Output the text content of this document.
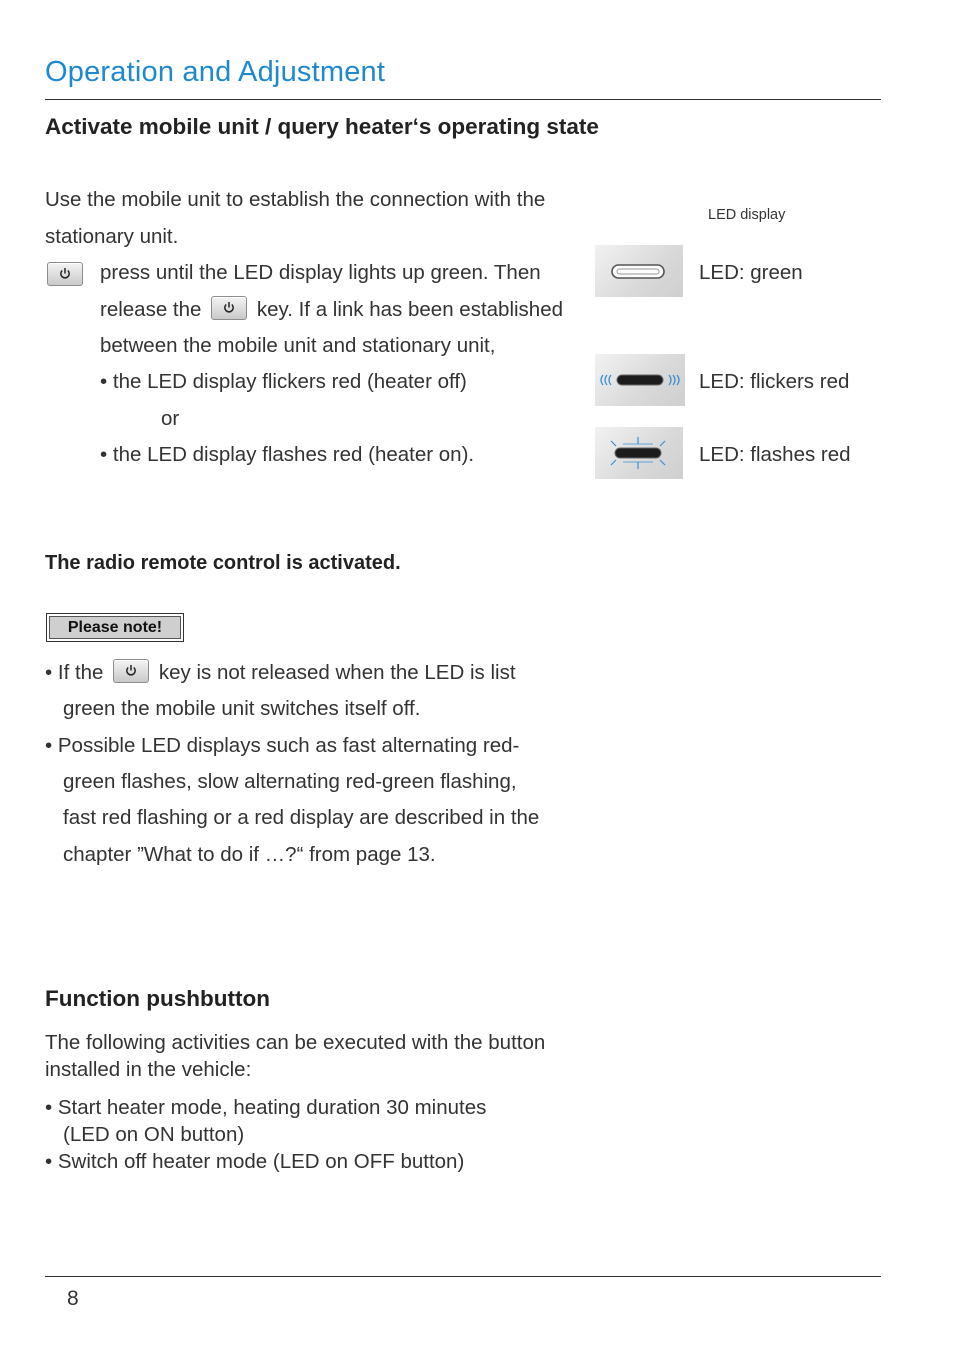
Operation and Adjustment
Activate mobile unit / query heater‘s operating state
Use the mobile unit to establish the connection with the
stationary unit.
press until the LED display lights up green. Then
release the	key. If a link has been established
between the mobile unit and stationary unit,
• the LED display flickers red (heater off)
or
• the LED display flashes red (heater on).
LED display
LED: green
LED: flickers red
LED: flashes red
The radio remote control is activated.
Please note!
• If the	key is not released when the LED is list
green the mobile unit switches itself off.
• Possible LED displays such as fast alternating red-
green flashes, slow alternating red-green flashing,
fast red flashing or a red display are described in the
chapter ”What to do if …?“ from page 13.
Function pushbutton
The following activities can be executed with the button
installed in the vehicle:
• Start heater mode, heating duration 30 minutes
(LED on ON button)
• Switch off heater mode (LED on OFF button)
8
